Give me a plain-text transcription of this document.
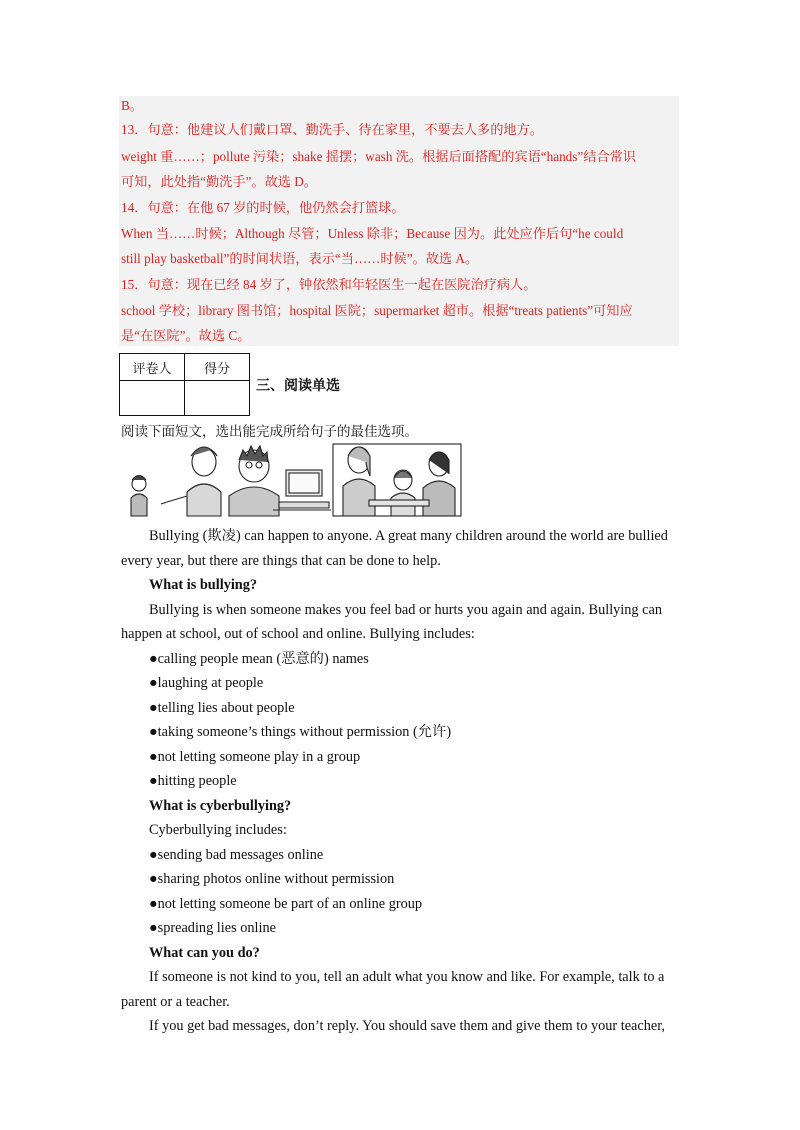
B。
13．句意：他建议人们戴口罩、勤洗手、待在家里，不要去人多的地方。
weight 重……；pollute 污染；shake 摇摆；wash 洗。根据后面搭配的宾语“hands”结合常识
可知，此处指“勤洗手”。故选 D。
14．句意：在他 67 岁的时候，他仍然会打篮球。
When 当……时候；Although 尽管；Unless 除非；Because 因为。此处应作后句“he could
still play basketball”的时间状语，表示“当……时候”。故选 A。
15．句意：现在已经 84 岁了，钟依然和年轻医生一起在医院治疗病人。
school 学校；library 图书馆；hospital 医院；supermarket 超市。根据“treats patients”可知应
是“在医院”。故选 C。
评卷人	得分

三、阅读单选
阅读下面短文，选出能完成所给句子的最佳选项。

Bullying (欺凌) can happen to anyone. A great many children around the world are bullied every year, but there are things that can be done to help.

What is bullying?

Bullying is when someone makes you feel bad or hurts you again and again. Bullying can happen at school, out of school and online. Bullying includes:

●calling people mean (恶意的) names

●laughing at people

●telling lies about people

●taking someone’s things without permission (允许)

●not letting someone play in a group

●hitting people

What is cyberbullying?

Cyberbullying includes:

●sending bad messages online

●sharing photos online without permission

●not letting someone be part of an online group

●spreading lies online

What can you do?

If someone is not kind to you, tell an adult what you know and like. For example, talk to a parent or a teacher.

If you get bad messages, don’t reply. You should save them and give them to your teacher,
